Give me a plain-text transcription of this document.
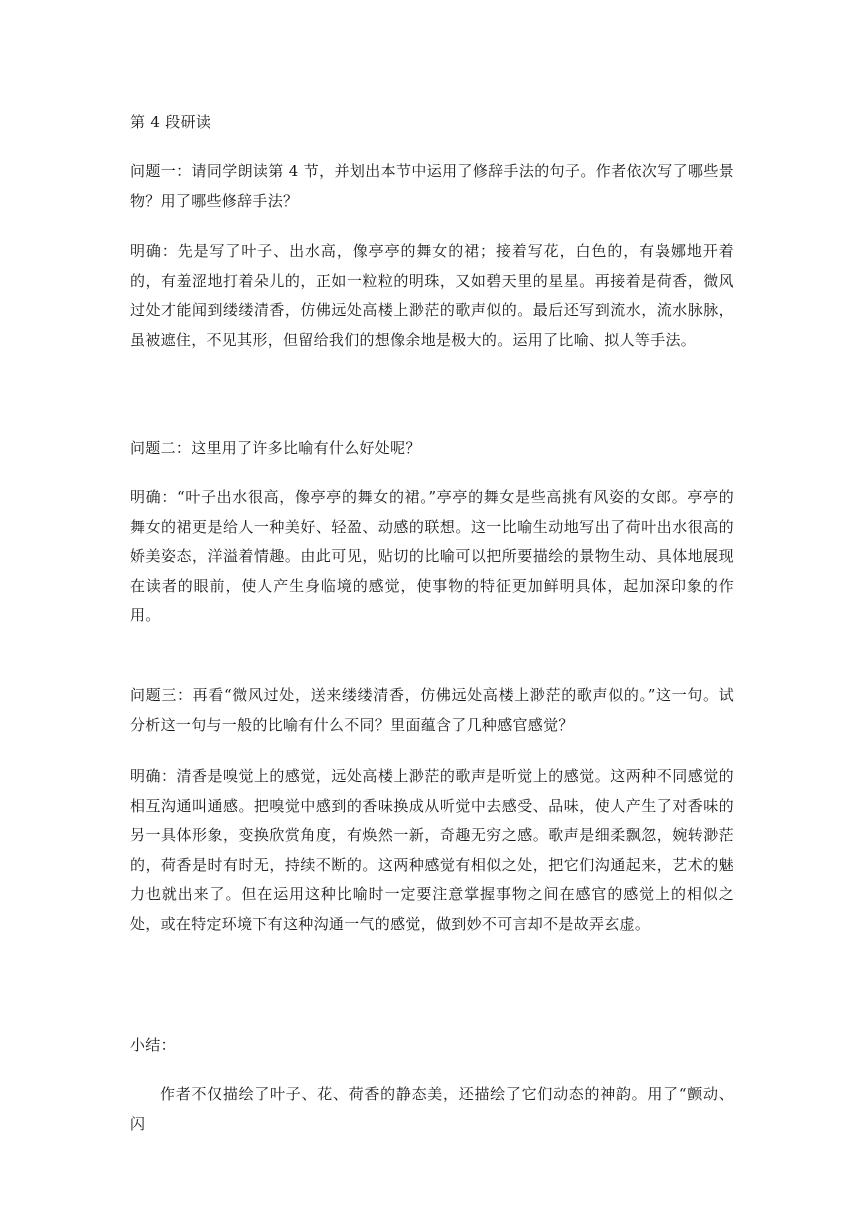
第 4 段研读

问题一：请同学朗读第 4 节，并划出本节中运用了修辞手法的句子。作者依次写了哪些景物？用了哪些修辞手法？

明确：先是写了叶子、出水高，像亭亭的舞女的裙；接着写花，白色的，有袅娜地开着的，有羞涩地打着朵儿的，正如一粒粒的明珠，又如碧天里的星星。再接着是荷香，微风过处才能闻到缕缕清香，仿佛远处高楼上渺茫的歌声似的。最后还写到流水，流水脉脉，虽被遮住，不见其形，但留给我们的想像余地是极大的。运用了比喻、拟人等手法。

问题二：这里用了许多比喻有什么好处呢？

明确：“叶子出水很高，像亭亭的舞女的裙。”亭亭的舞女是些高挑有风姿的女郎。亭亭的舞女的裙更是给人一种美好、轻盈、动感的联想。这一比喻生动地写出了荷叶出水很高的娇美姿态，洋溢着情趣。由此可见，贴切的比喻可以把所要描绘的景物生动、具体地展现在读者的眼前，使人产生身临境的感觉，使事物的特征更加鲜明具体，起加深印象的作用。

问题三：再看“微风过处，送来缕缕清香，仿佛远处高楼上渺茫的歌声似的。”这一句。试分析这一句与一般的比喻有什么不同？里面蕴含了几种感官感觉？

明确：清香是嗅觉上的感觉，远处高楼上渺茫的歌声是听觉上的感觉。这两种不同感觉的相互沟通叫通感。把嗅觉中感到的香味换成从听觉中去感受、品味，使人产生了对香味的另一具体形象，变换欣赏角度，有焕然一新，奇趣无穷之感。歌声是细柔飘忽，婉转渺茫的，荷香是时有时无，持续不断的。这两种感觉有相似之处，把它们沟通起来，艺术的魅力也就出来了。但在运用这种比喻时一定要注意掌握事物之间在感官的感觉上的相似之处，或在特定环境下有这种沟通一气的感觉，做到妙不可言却不是故弄玄虚。

小结：

作者不仅描绘了叶子、花、荷香的静态美，还描绘了它们动态的神韵。用了“颤动、闪
